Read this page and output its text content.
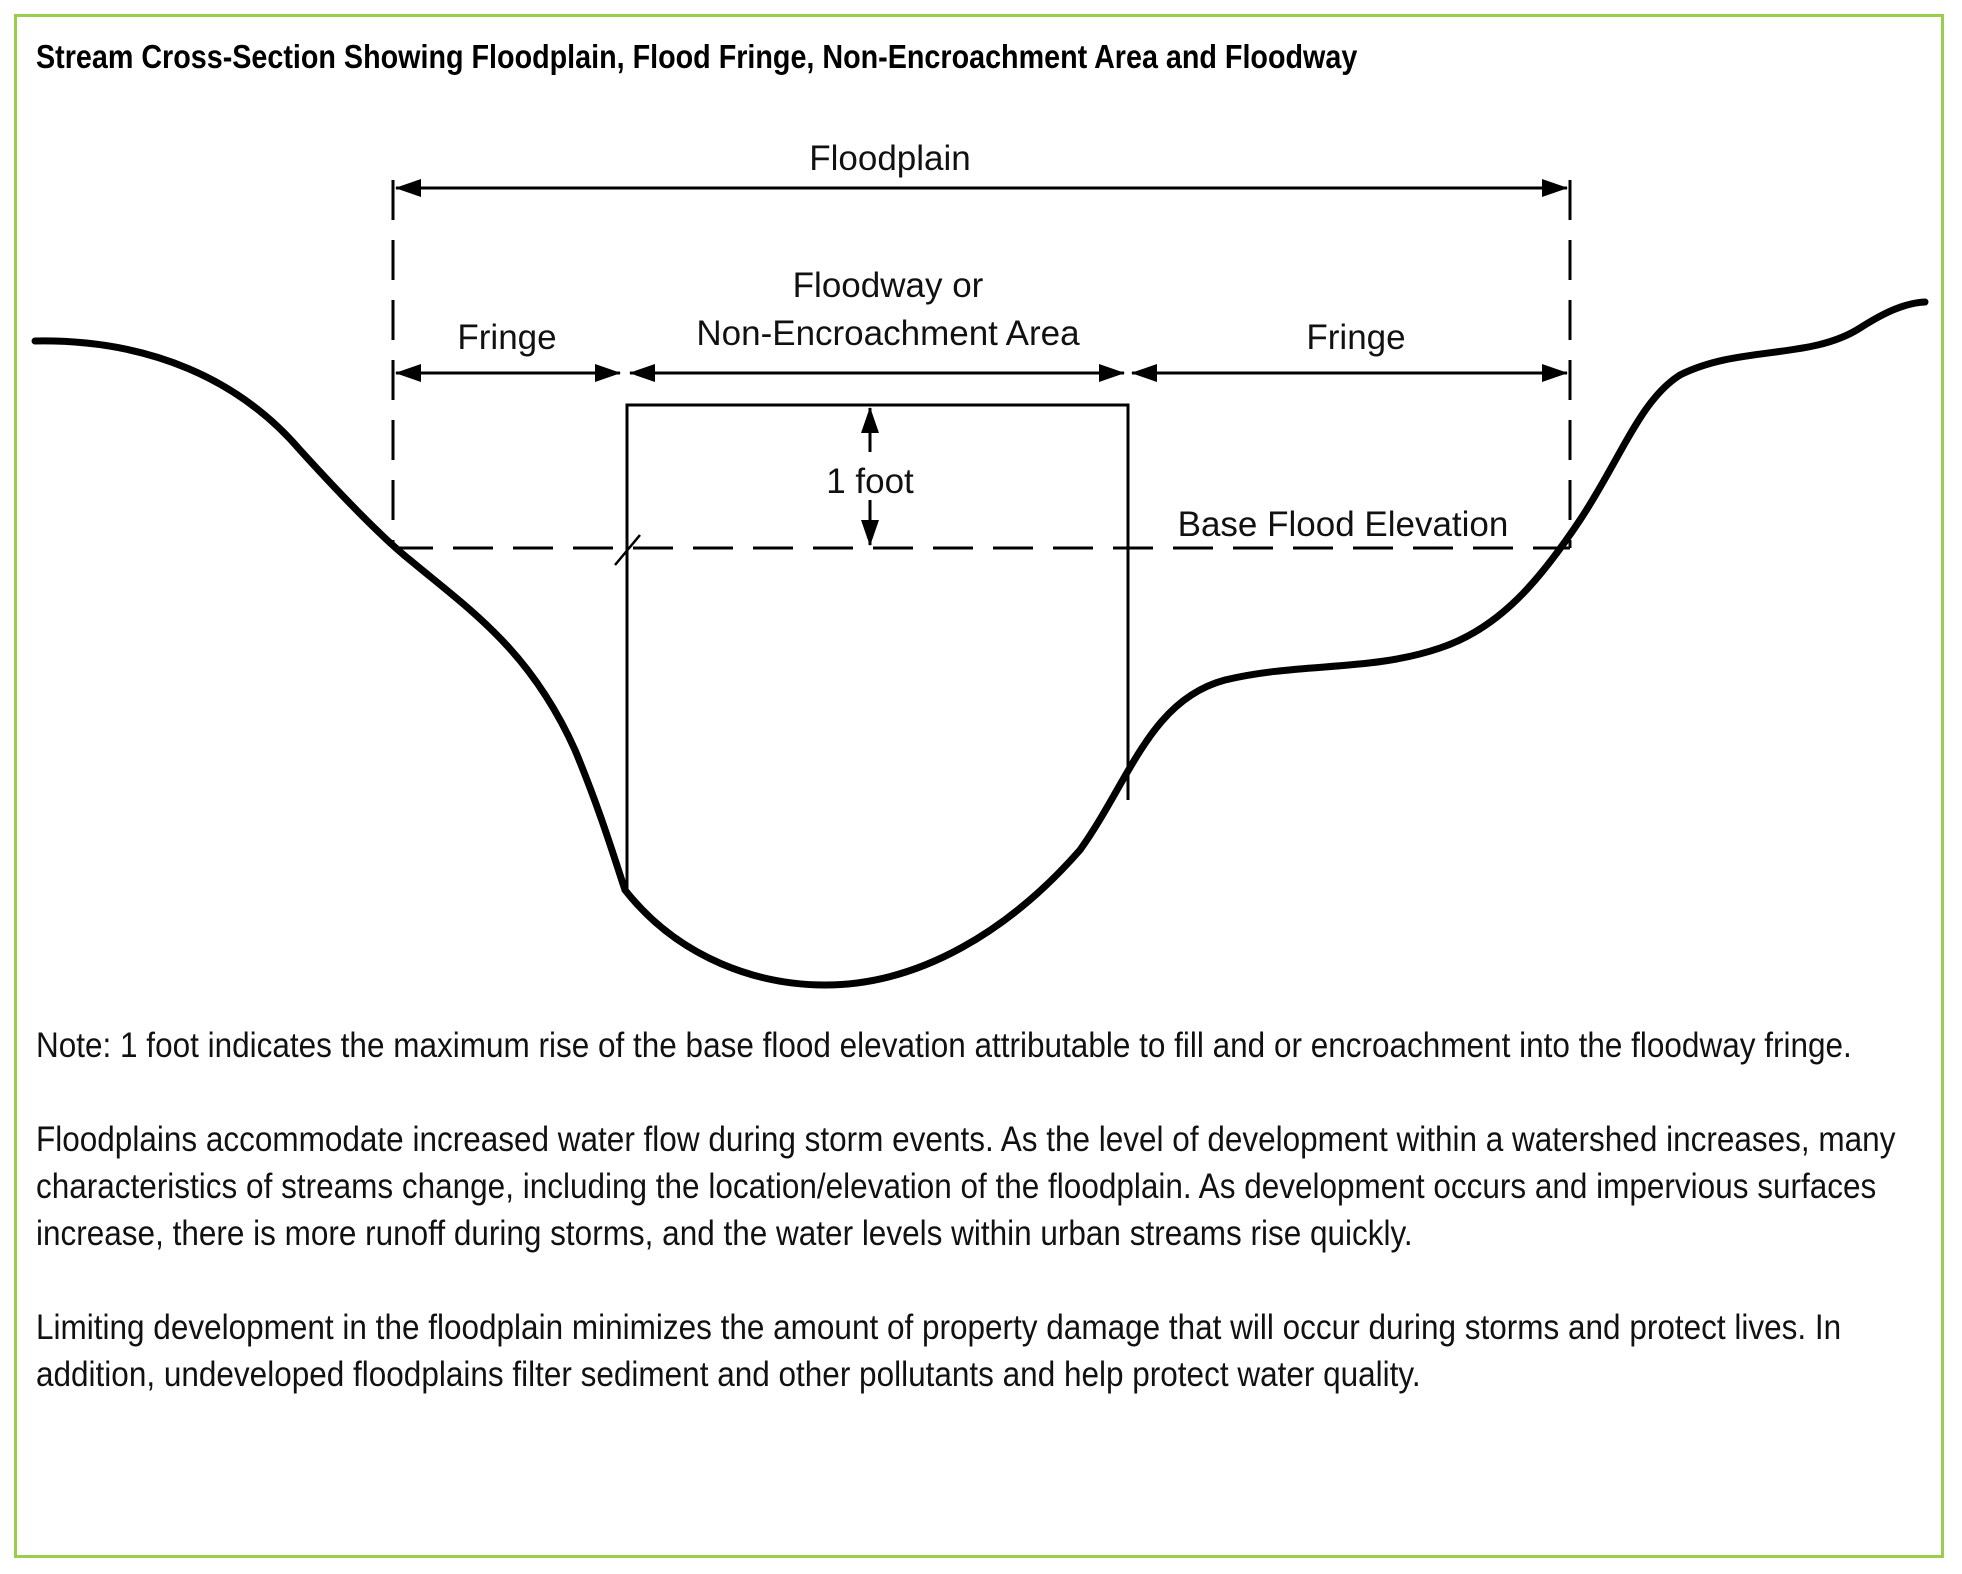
Stream Cross-Section Showing Floodplain, Flood Fringe, Non-Encroachment Area and Floodway
Floodplain
Floodway or
Non-Encroachment Area
Fringe	Fringe
1 foot
Base Flood Elevation

Note: 1 foot indicates the maximum rise of the base flood elevation attributable to fill and or encroachment into the floodway fringe.

Floodplains accommodate increased water flow during storm events. As the level of development within a watershed increases, many characteristics of streams change, including the location/elevation of the floodplain. As development occurs and impervious surfaces increase, there is more runoff during storms, and the water levels within urban streams rise quickly.

Limiting development in the floodplain minimizes the amount of property damage that will occur during storms and protect lives. In addition, undeveloped floodplains filter sediment and other pollutants and help protect water quality.
